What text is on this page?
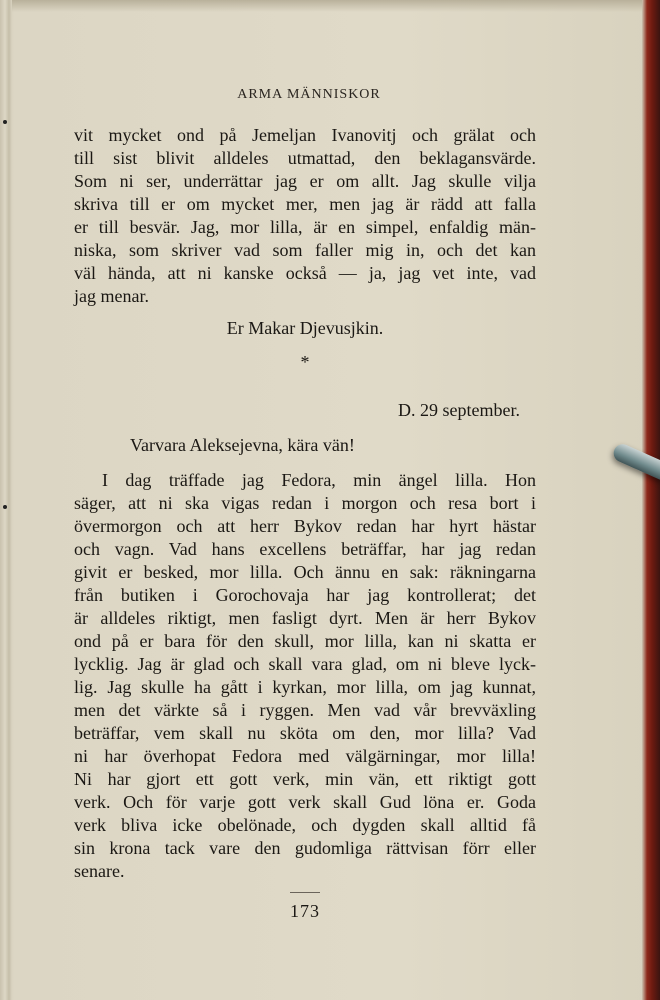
ARMA MÄNNISKOR
vit mycket ond på Jemeljan Ivanovitj och grälat och
till sist blivit alldeles utmattad, den beklagansvärde.
Som ni ser, underrättar jag er om allt. Jag skulle vilja
skriva till er om mycket mer, men jag är rädd att falla
er till besvär. Jag, mor lilla, är en simpel, enfaldig män-
niska, som skriver vad som faller mig in, och det kan
väl hända, att ni kanske också — ja, jag vet inte, vad
jag menar.
Er Makar Djevusjkin.
*
D. 29 september.
Varvara Aleksejevna, kära vän!
I dag träffade jag Fedora, min ängel lilla. Hon
säger, att ni ska vigas redan i morgon och resa bort i
övermorgon och att herr Bykov redan har hyrt hästar
och vagn. Vad hans excellens beträffar, har jag redan
givit er besked, mor lilla. Och ännu en sak: räkningarna
från butiken i Gorochovaja har jag kontrollerat; det
är alldeles riktigt, men fasligt dyrt. Men är herr Bykov
ond på er bara för den skull, mor lilla, kan ni skatta er
lycklig. Jag är glad och skall vara glad, om ni bleve lyck-
lig. Jag skulle ha gått i kyrkan, mor lilla, om jag kunnat,
men det värkte så i ryggen. Men vad vår brevväxling
beträffar, vem skall nu sköta om den, mor lilla? Vad
ni har överhopat Fedora med välgärningar, mor lilla!
Ni har gjort ett gott verk, min vän, ett riktigt gott
verk. Och för varje gott verk skall Gud löna er. Goda
verk bliva icke obelönade, och dygden skall alltid få
sin krona tack vare den gudomliga rättvisan förr eller
senare.
173
